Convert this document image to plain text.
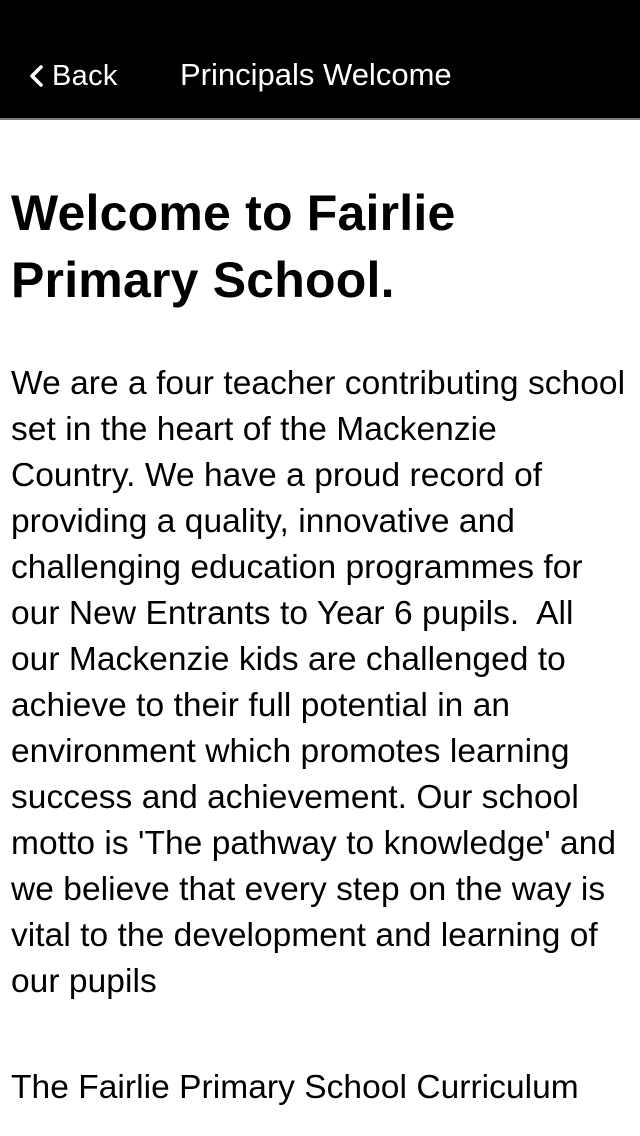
Back Principals Welcome
Welcome to Fairlie Primary School.

We are a four teacher contributing school set in the heart of the Mackenzie Country. We have a proud record of providing a quality, innovative and challenging education programmes for our New Entrants to Year 6 pupils.  All our Mackenzie kids are challenged to achieve to their full potential in an environment which promotes learning success and achievement. Our school motto is 'The pathway to knowledge' and we believe that every step on the way is vital to the development and learning of our pupils

The Fairlie Primary School Curriculum
